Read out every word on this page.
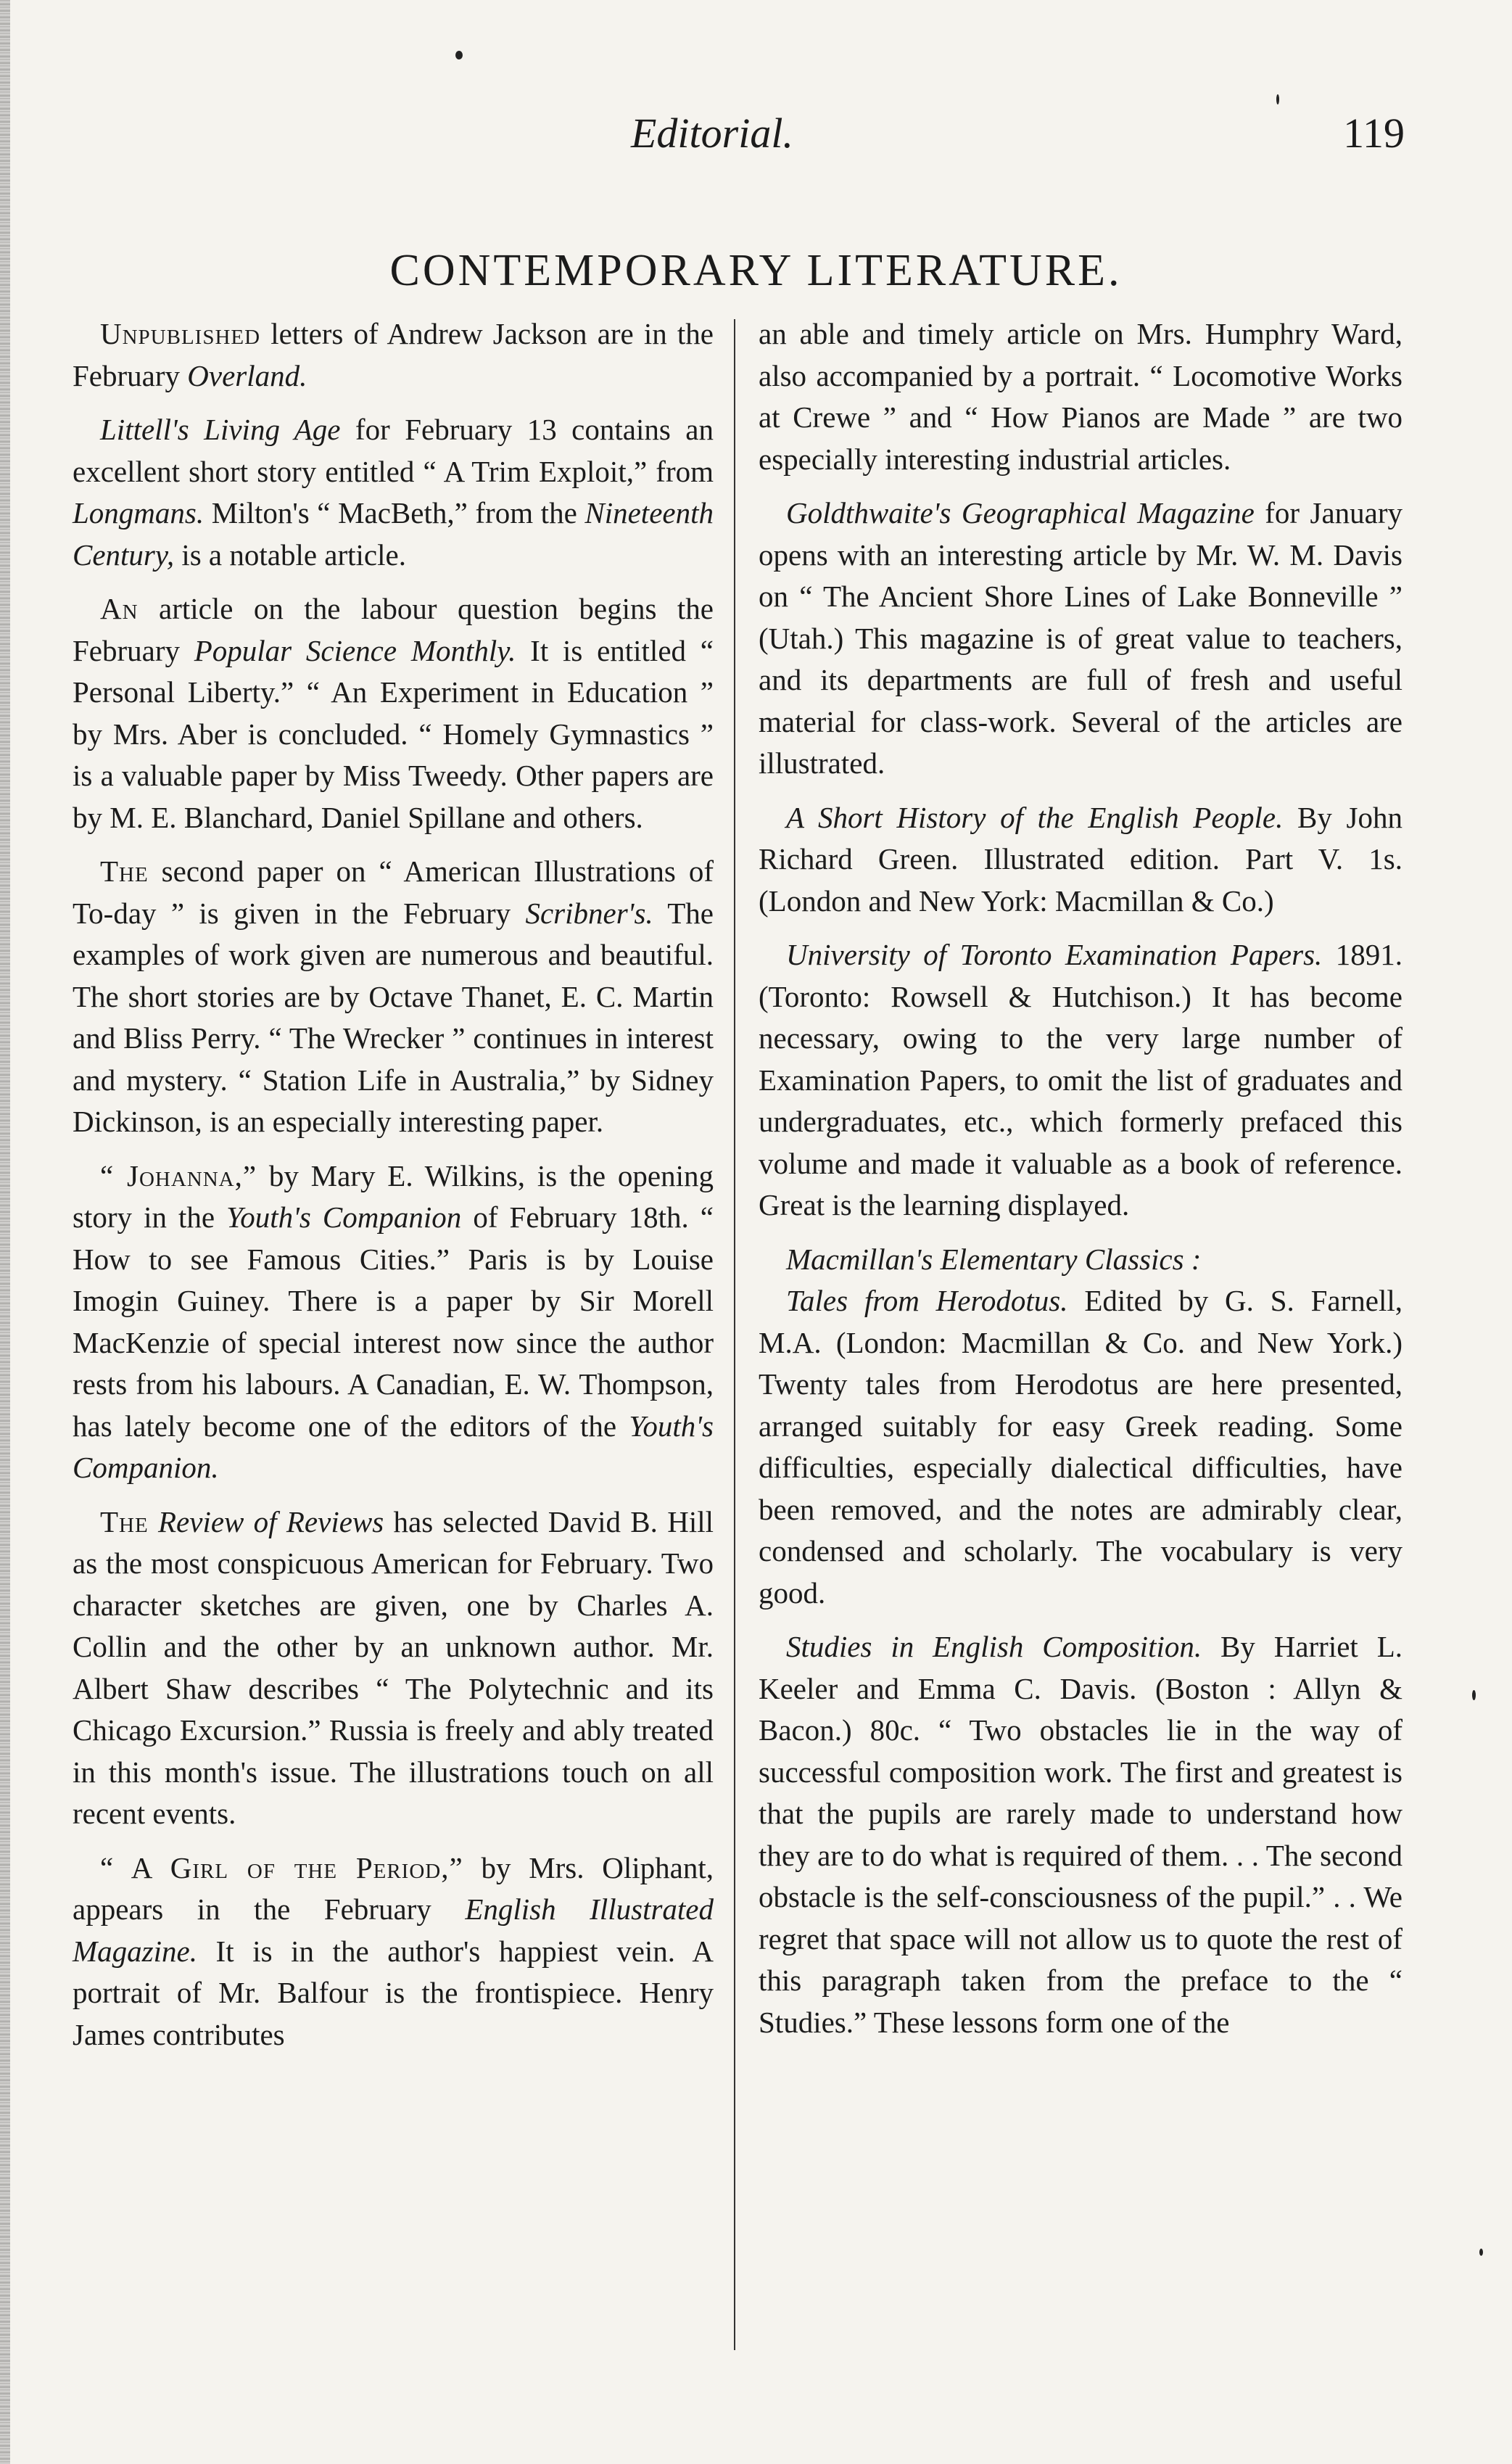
Editorial.	119
CONTEMPORARY LITERATURE.

Unpublished letters of Andrew Jackson are in the February Overland.

Littell's Living Age for February 13 contains an excellent short story entitled “ A Trim Exploit,” from Longmans. Milton's “ MacBeth,” from the Nineteenth Century, is a notable article.

An article on the labour question begins the February Popular Science Monthly. It is entitled “ Personal Liberty.” “ An Experiment in Education ” by Mrs. Aber is concluded. “ Homely Gymnastics ” is a valuable paper by Miss Tweedy. Other papers are by M. E. Blanchard, Daniel Spillane and others.

The second paper on “ American Illustrations of To-day ” is given in the February Scribner's. The examples of work given are numerous and beautiful. The short stories are by Octave Thanet, E. C. Martin and Bliss Perry. “ The Wrecker ” continues in interest and mystery. “ Station Life in Australia,” by Sidney Dickinson, is an especially interesting paper.

“ Johanna,” by Mary E. Wilkins, is the opening story in the Youth's Companion of February 18th. “ How to see Famous Cities.” Paris is by Louise Imogin Guiney. There is a paper by Sir Morell MacKenzie of special interest now since the author rests from his labours. A Canadian, E. W. Thompson, has lately become one of the editors of the Youth's Companion.

The Review of Reviews has selected David B. Hill as the most conspicuous American for February. Two character sketches are given, one by Charles A. Collin and the other by an unknown author. Mr. Albert Shaw describes “ The Polytechnic and its Chicago Excursion.” Russia is freely and ably treated in this month's issue. The illustrations touch on all recent events.

“ A Girl of the Period,” by Mrs. Oliphant, appears in the February English Illustrated Magazine. It is in the author's happiest vein. A portrait of Mr. Balfour is the frontispiece. Henry James contributes

an able and timely article on Mrs. Humphry Ward, also accompanied by a portrait. “ Locomotive Works at Crewe ” and “ How Pianos are Made ” are two especially interesting industrial articles.

Goldthwaite's Geographical Magazine for January opens with an interesting article by Mr. W. M. Davis on “ The Ancient Shore Lines of Lake Bonneville ” (Utah.) This magazine is of great value to teachers, and its departments are full of fresh and useful material for class-work. Several of the articles are illustrated.

A Short History of the English People. By John Richard Green. Illustrated edition. Part V. 1s. (London and New York: Macmillan & Co.)

University of Toronto Examination Papers. 1891. (Toronto: Rowsell & Hutchison.) It has become necessary, owing to the very large number of Examination Papers, to omit the list of graduates and undergraduates, etc., which formerly prefaced this volume and made it valuable as a book of reference. Great is the learning displayed.

Macmillan's Elementary Classics :

Tales from Herodotus. Edited by G. S. Farnell, M.A. (London: Macmillan & Co. and New York.) Twenty tales from Herodotus are here presented, arranged suitably for easy Greek reading. Some difficulties, especially dialectical difficulties, have been removed, and the notes are admirably clear, condensed and scholarly. The vocabulary is very good.

Studies in English Composition. By Harriet L. Keeler and Emma C. Davis. (Boston : Allyn & Bacon.) 80c. “ Two obstacles lie in the way of successful composition work. The first and greatest is that the pupils are rarely made to understand how they are to do what is required of them. . . The second obstacle is the self-consciousness of the pupil.” . . We regret that space will not allow us to quote the rest of this paragraph taken from the preface to the “ Studies.” These lessons form one of the
